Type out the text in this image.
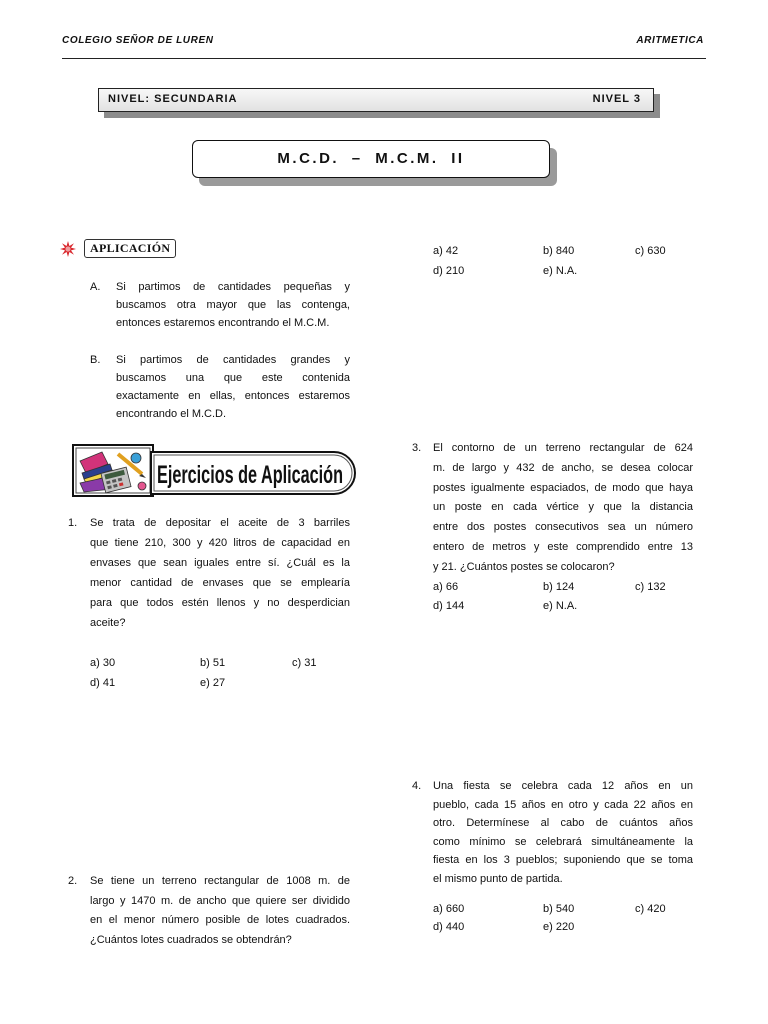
COLEGIO SEÑOR DE LUREN	ARITMETICA
NIVEL: SECUNDARIA	NIVEL 3
M.C.D. – M.C.M. II
APLICACIÓN
A. Si partimos de cantidades pequeñas y
buscamos otra mayor que las contenga,
entonces estaremos encontrando el M.C.M.
B. Si partimos de cantidades grandes y
buscamos una que este contenida
exactamente en ellas, entonces estaremos
encontrando el M.C.D.
Ejercicios de Aplicación
1. Se trata de depositar el aceite de 3 barriles
que tiene 210, 300 y 420 litros de capacidad en
envases que sean iguales entre sí. ¿Cuál es la
menor cantidad de envases que se emplearía
para que todos estén llenos y no desperdician
aceite?
a) 30	b) 51	c) 31
d) 41	e) 27
2. Se tiene un terreno rectangular de 1008 m. de
largo y 1470 m. de ancho que quiere ser dividido
en el menor número posible de lotes cuadrados.
¿Cuántos lotes cuadrados se obtendrán?
a) 42	b) 840	c) 630
d) 210	e) N.A.
3. El contorno de un terreno rectangular de 624
m. de largo y 432 de ancho, se desea colocar
postes igualmente espaciados, de modo que haya
un poste en cada vértice y que la distancia
entre dos postes consecutivos sea un número
entero de metros y este comprendido entre 13
y 21. ¿Cuántos postes se colocaron?
a) 66	b) 124	c) 132
d) 144	e) N.A.
4. Una fiesta se celebra cada 12 años en un
pueblo, cada 15 años en otro y cada 22 años en
otro. Determínese al cabo de cuántos años
como mínimo se celebrará simultáneamente la
fiesta en los 3 pueblos; suponiendo que se toma
el mismo punto de partida.
a) 660	b) 540	c) 420
d) 440	e) 220
